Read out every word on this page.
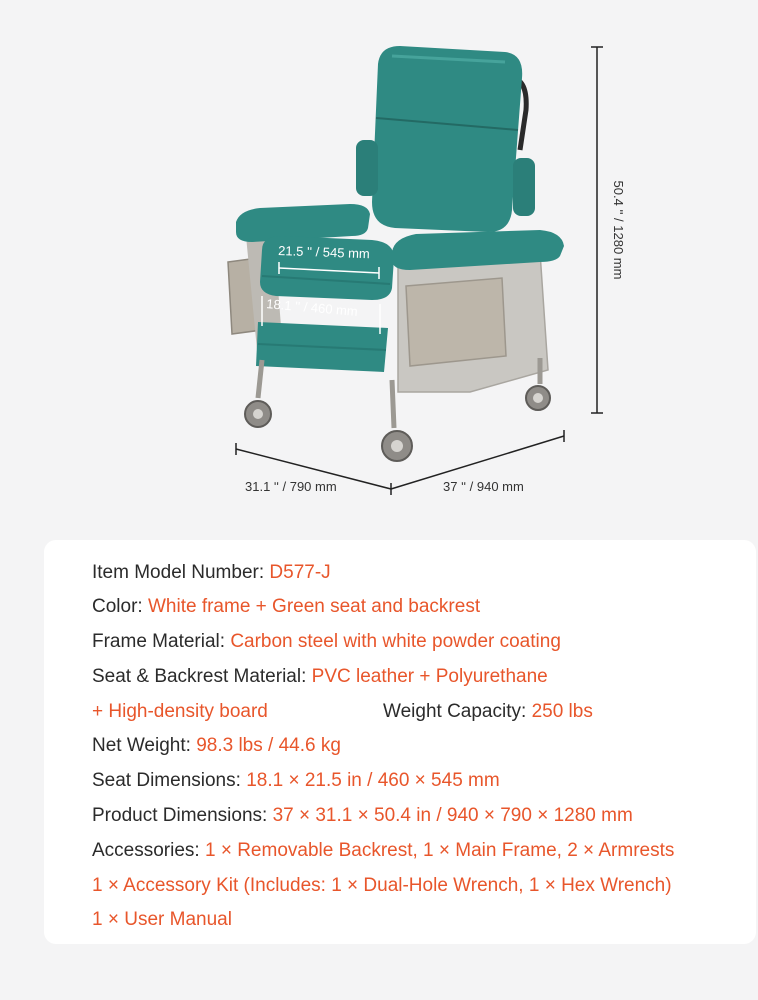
50.4 ʹʹ / 1280 mm
21.5 ʹʹ / 545 mm
18.1 ʹʹ / 460 mm
31.1 ʹʹ / 790 mm	37 ʹʹ / 940 mm
Item Model Number: D577-J
Color: White frame + Green seat and backrest
Frame Material: Carbon steel with white powder coating
Seat & Backrest Material: PVC leather + Polyurethane
+ High-density board	Weight Capacity: 250 lbs
Net Weight: 98.3 lbs / 44.6 kg
Seat Dimensions: 18.1 × 21.5 in / 460 × 545 mm
Product Dimensions: 37 × 31.1 × 50.4 in / 940 × 790 × 1280 mm
Accessories: 1 × Removable Backrest, 1 × Main Frame, 2 × Armrests
1 × Accessory Kit (Includes: 1 × Dual-Hole Wrench, 1 × Hex Wrench)
1 × User Manual
